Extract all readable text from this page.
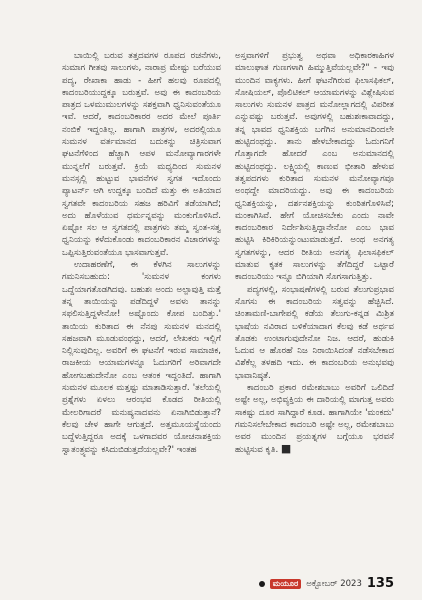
ಬಾಯಿಲ್ಲಿ ಬರುವ ತತ್ತದವಗಳ ರೂಪದ ರಚನೆಗಳು, ಸುಮಾಗ ಗೀತವು ಸಾಲುಗಳು, ನಾರಾಪ್ರ ಮೇಷ್ಟು ಬರೆಯುವ ಪದ್ಯ, ರೇಖಾಕಾ ಹಾಡು - ಹೀಗೆ ಹಲವು ರೂಪದಲ್ಲಿ ಕಾದಂಬರಿಯುದ್ದಕ್ಕೂ ಬರುತ್ತವೆ. ಅವು ಈ ಕಾದಂಬರಿಯ ಪಾತ್ರದ ಒಳಮುಮುಲಗಳನ್ನು ಸಶಕ್ತವಾಗಿ ಧ್ವನಿಸುವಂತೆಯೂ ಇವೆ. ಆದರೆ, ಕಾದಂಬರಿಕಾರರ ಅದರ ಮೇಲೆ ಪೂರ್ತಿ ನಂಬಿಕೆ ಇದ್ದಂತಿಲ್ಲ. ಹಾಗಾಗಿ ಪಾತ್ರಗಳ, ಅದರಲ್ಲಿಯೂ ಸುಮನಳ ವರ್ತಮಾನದ ಬದುಕನ್ನು ಚಿತ್ರಿಸುವಾಗ ಘಟನೆಗೆಳಿಂದ ಹೆಚ್ಚಾಗಿ ಆಪಳ ಮನೋವ್ಯಾಗಾರಗಳೇ ಮುನ್ನಲೆಗೆ ಬರುತ್ತವೆ. ಕ್ರಿಯೆ ಮಧ್ಯದಿಂದ ಸುಮನಳ ಮನಸ್ಸಲ್ಲಿ ಹುಟ್ಟುವ ಭಾವನೆಗಳ ಸ್ವಗತ ಇದೊಂದು ಪ್ಯಾಟರ್ನ್ ಆಗಿ ಉದ್ದಕ್ಕೂ ಬಂದಿದೆ ಮತ್ತು ಈ ಅತಿಯಾದ ಸ್ವಗತವೇ ಕಾದಂಬರಿಯ ಸಹಜ ಹರಿವಿಗೆ ತಡೆಯಾಗಿದೆ; ಅದು ಹೊಳೆಯುವ ಧರ್ಮನ್ನವನ್ನು ಮಂಕುಗೊಳಿಸಿದೆ. ಏಷ್ಟೋ ಸಲ ಆ ಸ್ವಗತದಲ್ಲಿ ಪಾತ್ರಗಳು ತಮ್ಮ ಸ್ವಂತ-ಸತ್ವ ಧ್ವನಿಯನ್ನು ಕಳೆದುಕೊಂಡು ಕಾದಂಬರಿಕಾರನ ವಿಚಾರಗಳನ್ನು ಒಪ್ಪಿಸುತ್ತಿರುವಂತೆಯೂ ಭಾಸವಾಗುತ್ತವೆ.

ಉದಾಹರಣೆಗೆ, ಈ ಕೆಳಗಿನ ಸಾಲುಗಳನ್ನು ಗಮನಿಸಬಹುದು: 'ಸುಮನಳ ಕಂಗಳು ಒದ್ದೆಯಾಗತೊಡಗಿದವು. ಬಹುಶಃ ಅಂದು ಅಲ್ಪಾವುತ್ತಿ ಮತ್ತೆ ತನ್ನ ತಾಯಿಯನ್ನು ಪಡೆದಿದ್ದಳೆ ಅವಳು ತಾನನ್ನು ಸಫಲಿಸುತ್ತಿದ್ದಳೇನೋ! ಅಷ್ಟೊಂದು ಕೋಪ ಬಂದಿತ್ತು.' ತಾಯಿಯ ಕುರಿತಾದ ಈ ನೆನಪು ಸುಮನಳ ಮನದಲ್ಲಿ ಸಹಜವಾಗಿ ಮೂಡುವಂಥದ್ದು, ಆದರೆ, ಲೇಖಕರು ಇಲ್ಲಿಗೆ ನಿಲ್ಲಿಸುವುದಿಲ್ಲ. ಅವರಿಗೆ ಈ ಘಟನೆಗೆ ಇರುವ ಸಾಮಾಜಿಕ, ರಾಜಕೀಯ ಆಯಾಮಗಳನ್ನೂ ಓದುಗರಿಗೆ ಅರಿವಾಗದೇ ಹೋಗಬಹುದೇನೋ ಎಂಬ ಆತಂಕ ಇದ್ದಂತಿದೆ. ಹಾಗಾಗಿ ಸುಮನಳ ಮೂಲಕ ಮತ್ತಷ್ಟು ಮಾತಾಡಿಸುತ್ತಾರೆ. 'ತಲೆಯಲ್ಲಿ ಪ್ರಶ್ನೆಗಳು ಏಳಲು ಆರಂಭವ ಕೊಡದ ರೀತಿಯಲ್ಲಿ ಮೇಲರಿಗಾದರೆ ಮನುಷ್ಯನಾದವನು ಏನಾಗಿಬಿಡುತ್ತಾನೆ? ಕೆಲವು ಚೇಳ ಹಾಗೇ ಆಗುತ್ತದೆ. ಅತ್ತಮೂಯಸ್ಥೆಯಂದು ಬದ್ದೆಳುತ್ತಿದ್ದರೂ ಅದಕ್ಕೆ ಒಳಗಾದವರ ಯೋಚನಾಶಕ್ತಿಯ ಸ್ವಾತಂತ್ರ್ಯವನ್ನು ಕಸಿದುಬಿಡುತ್ತದೆಯಲ್ಲವೇ?' ಇಂತಹ

ಅಸ್ತವಾಗಳಿಗೆ ಪ್ರಭುತ್ವ ಅಥವಾ ಅಧಿಕಾರಕಾಹಿಗಳ ಮಾಲುಘಾತ ಗುಣಗಳಾಗಿ ಹಿಮ್ಮುತ್ತಿವೆಯಲ್ಲವೇ?" - ಇವು ಮುಂದಿನ ವಾಕ್ಯಗಳು. ಹೀಗೆ ಘಟನೆಗಿರುವ ಫಿಲಾಸಫಿಕಲ್, ಸೋಷಿಯಲ್, ಪೊಲಿಟಿಕಲ್ ಆಯಾಮಗಳನ್ನು ವಿಶ್ಲೇಷಿಸುವ ಸಾಲುಗಳು ಸುಮನಳ ಪಾತ್ರದ ಮನೋಲ್ಲಾಗದಲ್ಲಿ ವಿಪರೀತ ಎನ್ನುವಷ್ಟು ಬರುತ್ತವೆ. ಅವುಗಳಲ್ಲಿ ಬಹುಶಃಕಾವಾದದ್ದು, ತನ್ನ ಭಾವದ ಧ್ವನಿಶಕ್ತಿಯ ಬಗೆಗಿನ ಅನುಮಾನದಿಂದಲೇ ಹುಟ್ಟಿದಂಥದ್ದು. ತಾನು ಹೇಳಬೇಕಾದದ್ದು ಓದುಗನಿಗೆ ಗೊತ್ತಾಗದೇ ಹೋದರೆ ಎಂಬ ಅನುಮಾನದಲ್ಲಿ ಹುಟ್ಟಿದಂಥದ್ದು. ಲಕ್ಷ್ಮಿಯಲ್ಲಿ ಕಾಣುವ ಭೀತಾರಿ ಹೇಳುವ ತತ್ವಪದಗಳು ಕುರಿತಾದ ಸುಮನಳ ಮನೋವ್ಯಾಗವೂ ಅಂಥದ್ದೇ ಮಾದರಿಯದ್ದು. ಅವು ಈ ಕಾದಂಬರಿಯ ಧ್ವನಿಶಕ್ತಿಯನ್ನು, ದರ್ಶನಶಕ್ತಿಯನ್ನು ಕುಂಠಿತಗೊಳಿಸಿವೆ; ಮಂಕಾಗಿಸಿವೆ. ಹೇಗೆ ಯೋಚಿಸಬೇಕು ಎಂದು ನಾವೇ ಕಾದಂಬರಿಕಾರ ನಿರ್ದೇಶಿಸುತ್ತಿದ್ದಾನೇನೋ ಎಂಬ ಭಾವ ಹುಟ್ಟಿಸಿ ಕಿರಿಕಿರಿಯನ್ನುಂಟುಮಾಡುತ್ತದೆ. ಅಂಥ ಅನಗತ್ಯ ಸ್ವಗತಗಳನ್ನು, ಆದರ ರೀತಿಯ ಅನಗತ್ಯ ಫಿಲಾಸಫಿಕಲ್ ಮಾತುವ ಕೃತಕ ಸಾಲುಗಳನ್ನು ತೆಗೆದಿದ್ದರೆ ಒಟ್ಟಾರೆ ಕಾದಂಬರಿಯು ಇನ್ನೂ ಬಿಗಿಯಾಗಿ ಸೊಗಸಾಗುತ್ತಿತ್ತು.

ಪದ್ಯಗಳಲ್ಲಿ, ಸಂಭಾಷಣೆಗಳಲ್ಲಿ ಬರುವ ತೆಲುಗುಪ್ರಭಾವ ಸೊಗಸು ಈ ಕಾದಂಬರಿಯ ಸತ್ವವನ್ನು ಹೆಚ್ಚಿಸಿದೆ. ಚಿಂತಾಮಣಿ-ಬಾಗೇಪಲ್ಲಿ ಕಡೆಯ ತೆಲುಗು-ಕನ್ನಡ ಮಿಶ್ರಿತ ಭಾಷೆಯ ನವಿರಾದ ಬಳಿಕೆಯಾದಾಗ ಕೆಲವು ಕಡೆ ಅರ್ಥವ ತೊಡಕು ಉಂಟಾಗುವುದೇನೋ ನಿಜ. ಆದರೆ, ಹುಡುಕಿ ಓದುವ ಆ ಹೊರಹೆ ನಿಜ ನಿರಾಯಿಸಿದಂತೆ ನಡೆಸಬೇಕಾದ ವಿಶೆಕೆಲ್ಲ ತಳಹದಿ ಇದು. ಈ ಕಾದಂಬರಿಯ ಅನುಭವವು ಭಾವಾನಿಷ್ಠತೆ.

ಕಾದಂಬರಿ ಪ್ರಕಾರ ರಮೇಶಬಾಬು ಅವರಿಗೆ ಒಲಿದಿದೆ ಅಷ್ಟೇ ಅಲ್ಲ, ಅಭಿವ್ಯಕ್ತಿಯ ಈ ದಾರಿಯಲ್ಲಿ ಮಾಗುತ್ತ ಅವರು ಸಾಕಷ್ಟು ದೂರ ಸಾಗಿದ್ದಾರೆ ಕೂಡ. ಹಾಗಾಗಿಯೇ 'ಮಂಕದು' ಗಮನಿಸಲೇಬೇಕಾದ ಕಾದಂಬರಿ ಅಷ್ಟೇ ಅಲ್ಲ, ರಮೇಶಬಾಬು ಅವರ ಮುಂದಿನ ಪ್ರಯತ್ನಗಳ ಬಗ್ಗೆಯೂ ಭರವಸೆ ಹುಟ್ಟಿಸುವ ಕೃತಿ. ■

ಮಯೂರ ಅಕ್ಟೋಬರ್ 2023 135
